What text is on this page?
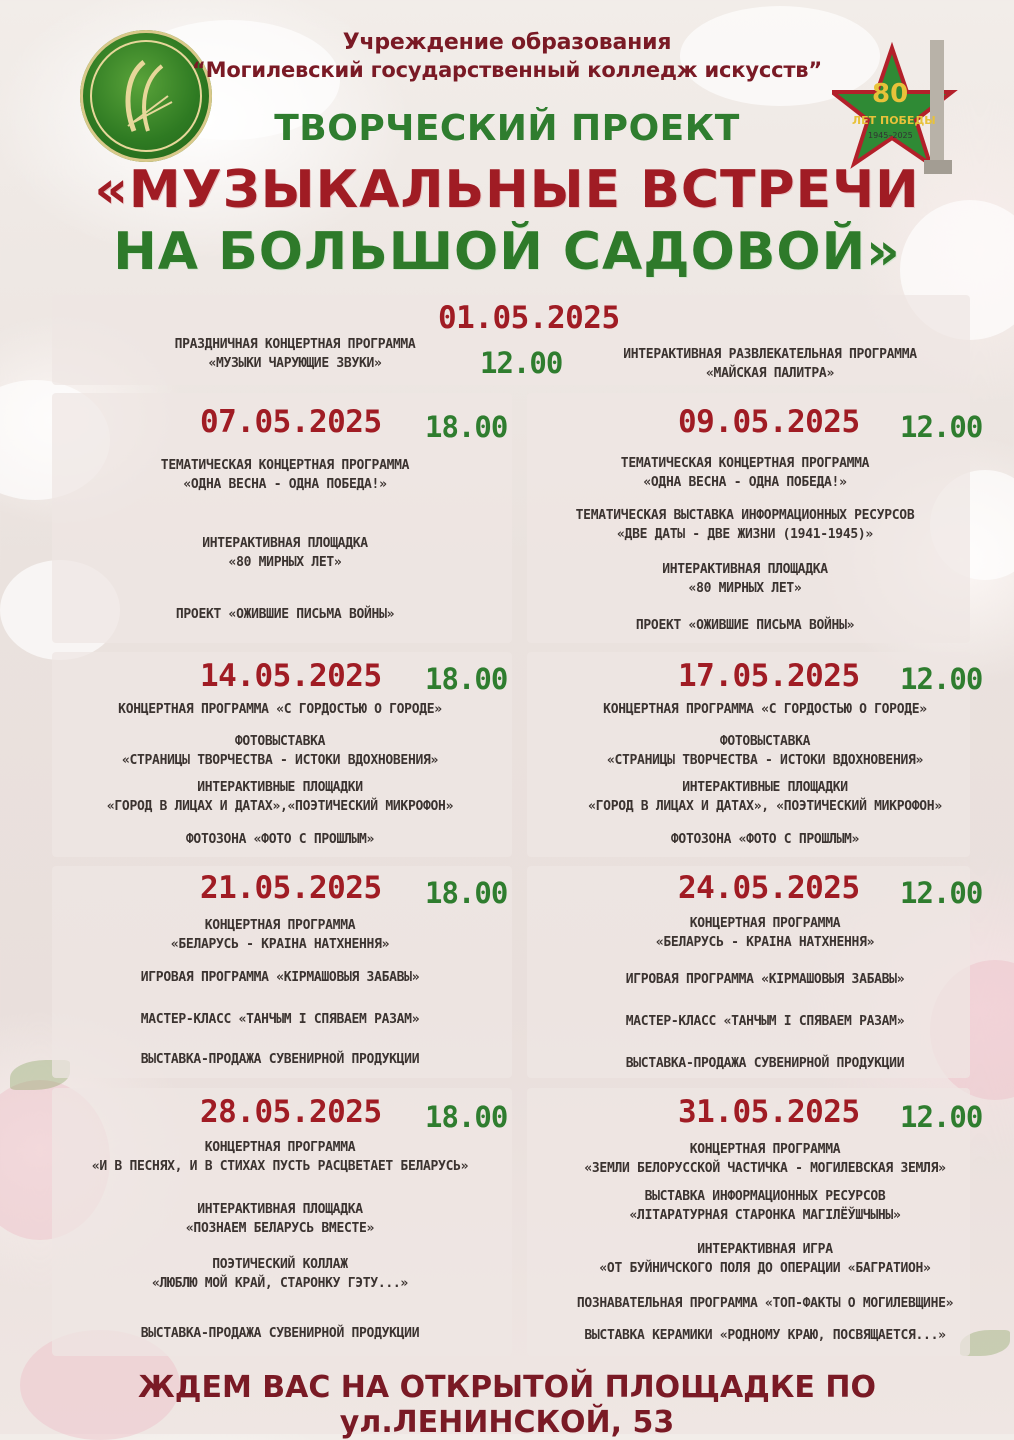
80
ЛЕТ ПОБЕДЫ
1945–2025
Учреждение образования
“Могилевский государственный колледж искусств”
ТВОРЧЕСКИЙ ПРОЕКТ
«МУЗЫКАЛЬНЫЕ ВСТРЕЧИ
НА БОЛЬШОЙ САДОВОЙ»
01.05.2025
12.00
ПРАЗДНИЧНАЯ КОНЦЕРТНАЯ ПРОГРАММА
«МУЗЫКИ ЧАРУЮЩИЕ ЗВУКИ»
ИНТЕРАКТИВНАЯ РАЗВЛЕКАТЕЛЬНАЯ ПРОГРАММА
«МАЙСКАЯ ПАЛИТРА»
07.05.2025 18.00
ТЕМАТИЧЕСКАЯ КОНЦЕРТНАЯ ПРОГРАММА
«ОДНА ВЕСНА - ОДНА ПОБЕДА!»
ИНТЕРАКТИВНАЯ ПЛОЩАДКА
«80 МИРНЫХ ЛЕТ»
ПРОЕКТ «ОЖИВШИЕ ПИСЬМА ВОЙНЫ»
09.05.2025 12.00
ТЕМАТИЧЕСКАЯ КОНЦЕРТНАЯ ПРОГРАММА
«ОДНА ВЕСНА - ОДНА ПОБЕДА!»
ТЕМАТИЧЕСКАЯ ВЫСТАВКА ИНФОРМАЦИОННЫХ РЕСУРСОВ
«ДВЕ ДАТЫ - ДВЕ ЖИЗНИ (1941-1945)»
ИНТЕРАКТИВНАЯ ПЛОЩАДКА
«80 МИРНЫХ ЛЕТ»
ПРОЕКТ «ОЖИВШИЕ ПИСЬМА ВОЙНЫ»
14.05.2025 18.00
КОНЦЕРТНАЯ ПРОГРАММА «С ГОРДОСТЬЮ О ГОРОДЕ»
ФОТОВЫСТАВКА
«СТРАНИЦЫ ТВОРЧЕСТВА - ИСТОКИ ВДОХНОВЕНИЯ»
ИНТЕРАКТИВНЫЕ ПЛОЩАДКИ
«ГОРОД В ЛИЦАХ И ДАТАХ»,«ПОЭТИЧЕСКИЙ МИКРОФОН»
ФОТОЗОНА «ФОТО С ПРОШЛЫМ»
17.05.2025 12.00
КОНЦЕРТНАЯ ПРОГРАММА «С ГОРДОСТЬЮ О ГОРОДЕ»
ФОТОВЫСТАВКА
«СТРАНИЦЫ ТВОРЧЕСТВА - ИСТОКИ ВДОХНОВЕНИЯ»
ИНТЕРАКТИВНЫЕ ПЛОЩАДКИ
«ГОРОД В ЛИЦАХ И ДАТАХ», «ПОЭТИЧЕСКИЙ МИКРОФОН»
ФОТОЗОНА «ФОТО С ПРОШЛЫМ»
21.05.2025 18.00
КОНЦЕРТНАЯ ПРОГРАММА
«БЕЛАРУСЬ - КРАІНА НАТХНЕННЯ»
ИГРОВАЯ ПРОГРАММА «КІРМАШОВЫЯ ЗАБАВЫ»
МАСТЕР-КЛАСС «ТАНЧЫМ І СПЯВАЕМ РАЗАМ»
ВЫСТАВКА-ПРОДАЖА СУВЕНИРНОЙ ПРОДУКЦИИ
24.05.2025 12.00
КОНЦЕРТНАЯ ПРОГРАММА
«БЕЛАРУСЬ - КРАІНА НАТХНЕННЯ»
ИГРОВАЯ ПРОГРАММА «КІРМАШОВЫЯ ЗАБАВЫ»
МАСТЕР-КЛАСС «ТАНЧЫМ І СПЯВАЕМ РАЗАМ»
ВЫСТАВКА-ПРОДАЖА СУВЕНИРНОЙ ПРОДУКЦИИ
28.05.2025 18.00
КОНЦЕРТНАЯ ПРОГРАММА
«И В ПЕСНЯХ, И В СТИХАХ ПУСТЬ РАСЦВЕТАЕТ БЕЛАРУСЬ»
ИНТЕРАКТИВНАЯ ПЛОЩАДКА
«ПОЗНАЕМ БЕЛАРУСЬ ВМЕСТЕ»
ПОЭТИЧЕСКИЙ КОЛЛАЖ
«ЛЮБЛЮ МОЙ КРАЙ, СТАРОНКУ ГЭТУ...»
ВЫСТАВКА-ПРОДАЖА СУВЕНИРНОЙ ПРОДУКЦИИ
31.05.2025 12.00
КОНЦЕРТНАЯ ПРОГРАММА
«ЗЕМЛИ БЕЛОРУССКОЙ ЧАСТИЧКА - МОГИЛЕВСКАЯ ЗЕМЛЯ»
ВЫСТАВКА ИНФОРМАЦИОННЫХ РЕСУРСОВ
«ЛІТАРАТУРНАЯ СТАРОНКА МАГІЛЁЎШЧЫНЫ»
ИНТЕРАКТИВНАЯ ИГРА
«ОТ БУЙНИЧСКОГО ПОЛЯ ДО ОПЕРАЦИИ «БАГРАТИОН»
ПОЗНАВАТЕЛЬНАЯ ПРОГРАММА «ТОП-ФАКТЫ О МОГИЛЕВЩИНЕ»
ВЫСТАВКА КЕРАМИКИ «РОДНОМУ КРАЮ, ПОСВЯЩАЕТСЯ...»
ЖДЕМ ВАС НА ОТКРЫТОЙ ПЛОЩАДКЕ ПО ул.ЛЕНИНСКОЙ, 53
